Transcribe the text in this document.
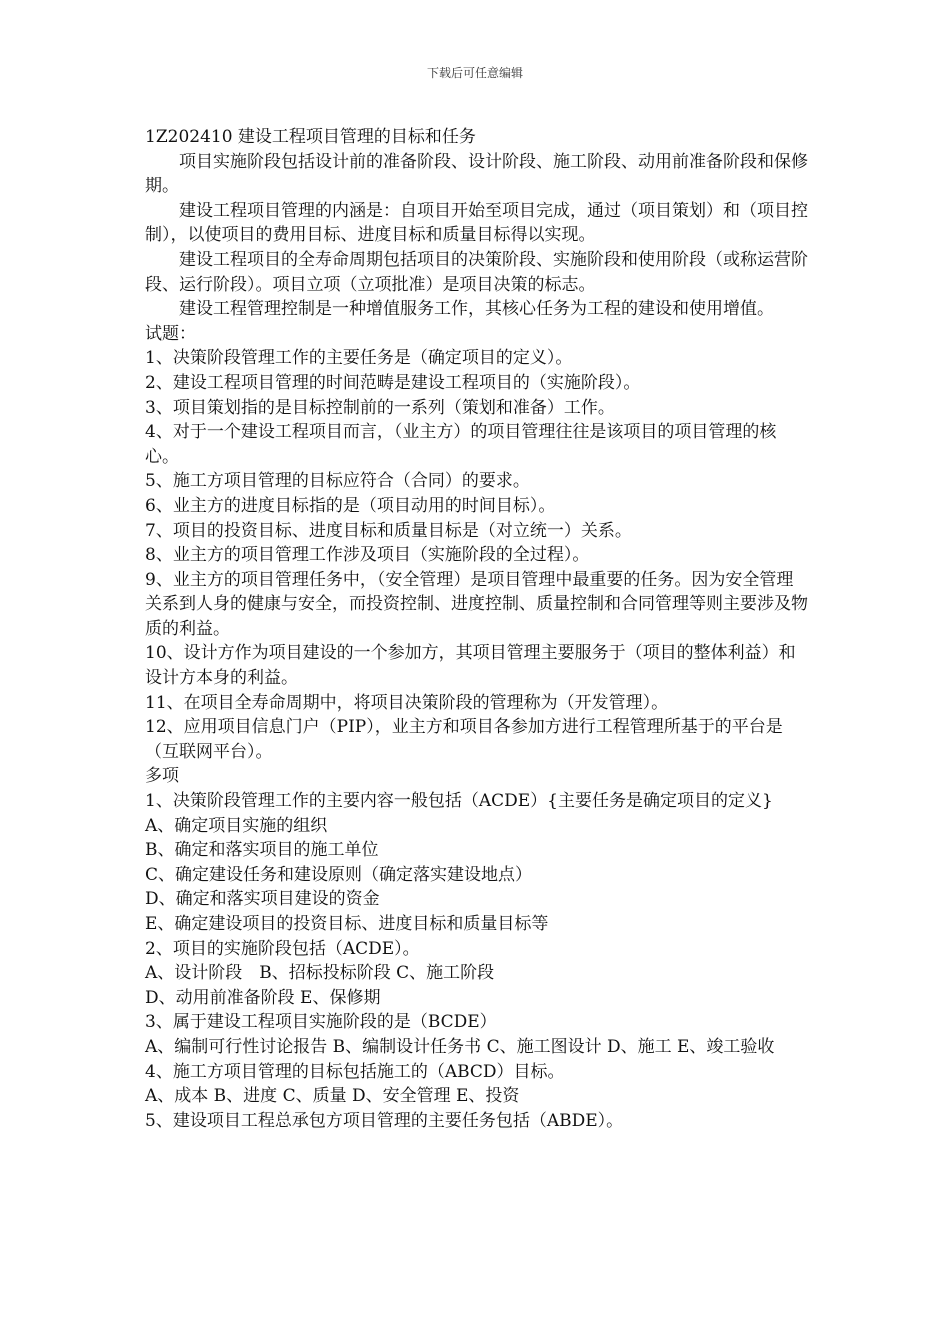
下载后可任意编辑

1Z202410 建设工程项目管理的目标和任务

项目实施阶段包括设计前的准备阶段、设计阶段、施工阶段、动用前准备阶段和保修期。

建设工程项目管理的内涵是：自项目开始至项目完成，通过（项目策划）和（项目控制），以使项目的费用目标、进度目标和质量目标得以实现。

建设工程项目的全寿命周期包括项目的决策阶段、实施阶段和使用阶段（或称运营阶段、运行阶段）。项目立项（立项批准）是项目决策的标志。

建设工程管理控制是一种增值服务工作，其核心任务为工程的建设和使用增值。

试题：

1、决策阶段管理工作的主要任务是（确定项目的定义）。

2、建设工程项目管理的时间范畴是建设工程项目的（实施阶段）。

3、项目策划指的是目标控制前的一系列（策划和准备）工作。

4、对于一个建设工程项目而言，（业主方）的项目管理往往是该项目的项目管理的核心。

5、施工方项目管理的目标应符合（合同）的要求。

6、业主方的进度目标指的是（项目动用的时间目标）。

7、项目的投资目标、进度目标和质量目标是（对立统一）关系。

8、业主方的项目管理工作涉及项目（实施阶段的全过程）。

9、业主方的项目管理任务中，（安全管理）是项目管理中最重要的任务。因为安全管理关系到人身的健康与安全，而投资控制、进度控制、质量控制和合同管理等则主要涉及物质的利益。

10、设计方作为项目建设的一个参加方，其项目管理主要服务于（项目的整体利益）和设计方本身的利益。

11、在项目全寿命周期中，将项目决策阶段的管理称为（开发管理）。

12、应用项目信息门户（PIP），业主方和项目各参加方进行工程管理所基于的平台是（互联网平台）。

多项

1、决策阶段管理工作的主要内容一般包括（ACDE）{主要任务是确定项目的定义}

A、确定项目实施的组织

B、确定和落实项目的施工单位

C、确定建设任务和建设原则（确定落实建设地点）

D、确定和落实项目建设的资金

E、确定建设项目的投资目标、进度目标和质量目标等

2、项目的实施阶段包括（ACDE）。

A、设计阶段　B、招标投标阶段 C、施工阶段

D、动用前准备阶段 E、保修期

3、属于建设工程项目实施阶段的是（BCDE）

A、编制可行性讨论报告 B、编制设计任务书 C、施工图设计 D、施工 E、竣工验收

4、施工方项目管理的目标包括施工的（ABCD）目标。

A、成本 B、进度 C、质量 D、安全管理 E、投资

5、建设项目工程总承包方项目管理的主要任务包括（ABDE）。
